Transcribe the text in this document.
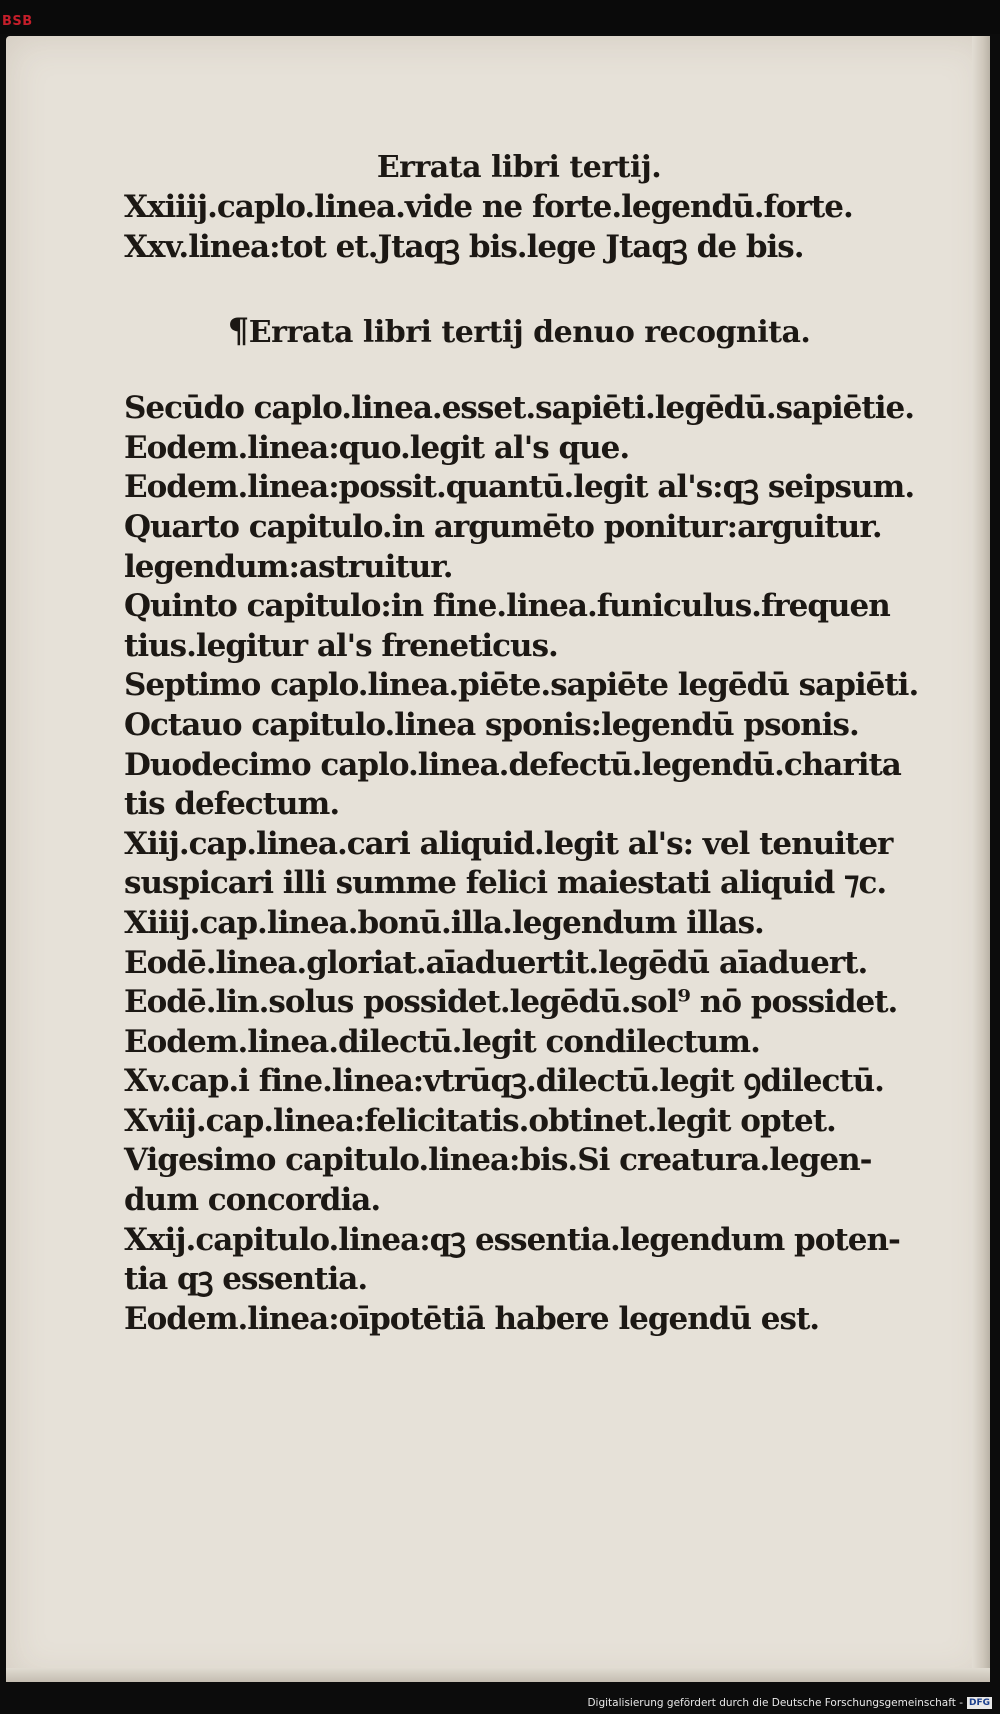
BSB

Errata libri tertij.

Xxiiij.caplo.linea.vide ne forte.legendū.forte.

Xxv.linea:tot et.Jtaqꝫ bis.lege Jtaqꝫ de bis.

¶Errata libri tertij denuo recognita.

Secūdo caplo.linea.esset.sapiēti.legēdū.sapiētie.

Eodem.linea:quo.legit al's que.

Eodem.linea:possit.quantū.legit al's:qꝫ seipsum.

Quarto capitulo.in argumēto ponitur:arguitur.

legendum:astruitur.

Quinto capitulo:in fine.linea.funiculus.frequen

tius.legitur al's freneticus.

Septimo caplo.linea.piēte.sapiēte legēdū sapiēti.

Octauo capitulo.linea sponis:legendū psonis.

Duodecimo caplo.linea.defectū.legendū.charita

tis defectum.

Xiij.cap.linea.cari aliquid.legit al's: vel tenuiter

suspicari illi summe felici maiestati aliquid ⁊c.

Xiiij.cap.linea.bonū.illa.legendum illas.

Eodē.linea.gloriat.aīaduertit.legēdū aīaduert.

Eodē.lin.solus possidet.legēdū.sol⁹ nō possidet.

Eodem.linea.dilectū.legit condilectum.

Xv.cap.i fine.linea:vtrūqꝫ.dilectū.legit ꝯdilectū.

Xviij.cap.linea:felicitatis.obtinet.legit optet.

Vigesimo capitulo.linea:bis.Si creatura.legen-

dum concordia.

Xxij.capitulo.linea:qꝫ essentia.legendum poten-

tia qꝫ essentia.

Eodem.linea:oīpotētiā habere legendū est.

Digitalisierung gefördert durch die Deutsche Forschungsgemeinschaft - DFG
